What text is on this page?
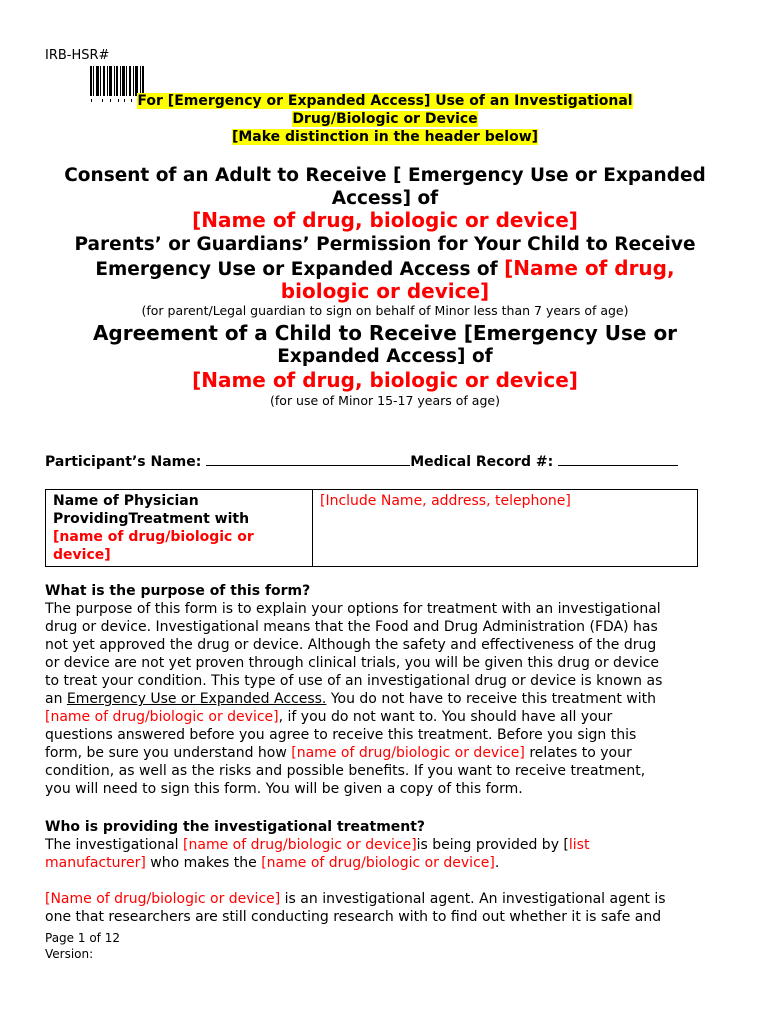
IRB-HSR#
For [Emergency or Expanded Access] Use of an Investigational
Drug/Biologic or Device
[Make distinction in the header below]
Consent of an Adult to Receive [ Emergency Use or Expanded
Access] of
[Name of drug, biologic or device]
Parents’ or Guardians’ Permission for Your Child to Receive
Emergency Use or Expanded Access of [Name of drug,
biologic or device]
(for parent/Legal guardian to sign on behalf of Minor less than 7 years of age)
Agreement of a Child to Receive [Emergency Use or
Expanded Access] of
[Name of drug, biologic or device]
(for use of Minor 15-17 years of age)
Participant’s Name:	Medical Record #:
Name of Physician
ProvidingTreatment with
[name of drug/biologic or
device]
	[Include Name, address, telephone]
What is the purpose of this form?
The purpose of this form is to explain your options for treatment with an investigational
drug or device. Investigational means that the Food and Drug Administration (FDA) has
not yet approved the drug or device. Although the safety and effectiveness of the drug
or device are not yet proven through clinical trials, you will be given this drug or device
to treat your condition. This type of use of an investigational drug or device is known as
an Emergency Use or Expanded Access. You do not have to receive this treatment with
[name of drug/biologic or device], if you do not want to. You should have all your
questions answered before you agree to receive this treatment. Before you sign this
form, be sure you understand how [name of drug/biologic or device] relates to your
condition, as well as the risks and possible benefits. If you want to receive treatment,
you will need to sign this form. You will be given a copy of this form.
Who is providing the investigational treatment?
The investigational [name of drug/biologic or device]is being provided by [list
manufacturer] who makes the [name of drug/biologic or device].
[Name of drug/biologic or device] is an investigational agent. An investigational agent is
one that researchers are still conducting research with to find out whether it is safe and
Page 1 of 12
Version:
